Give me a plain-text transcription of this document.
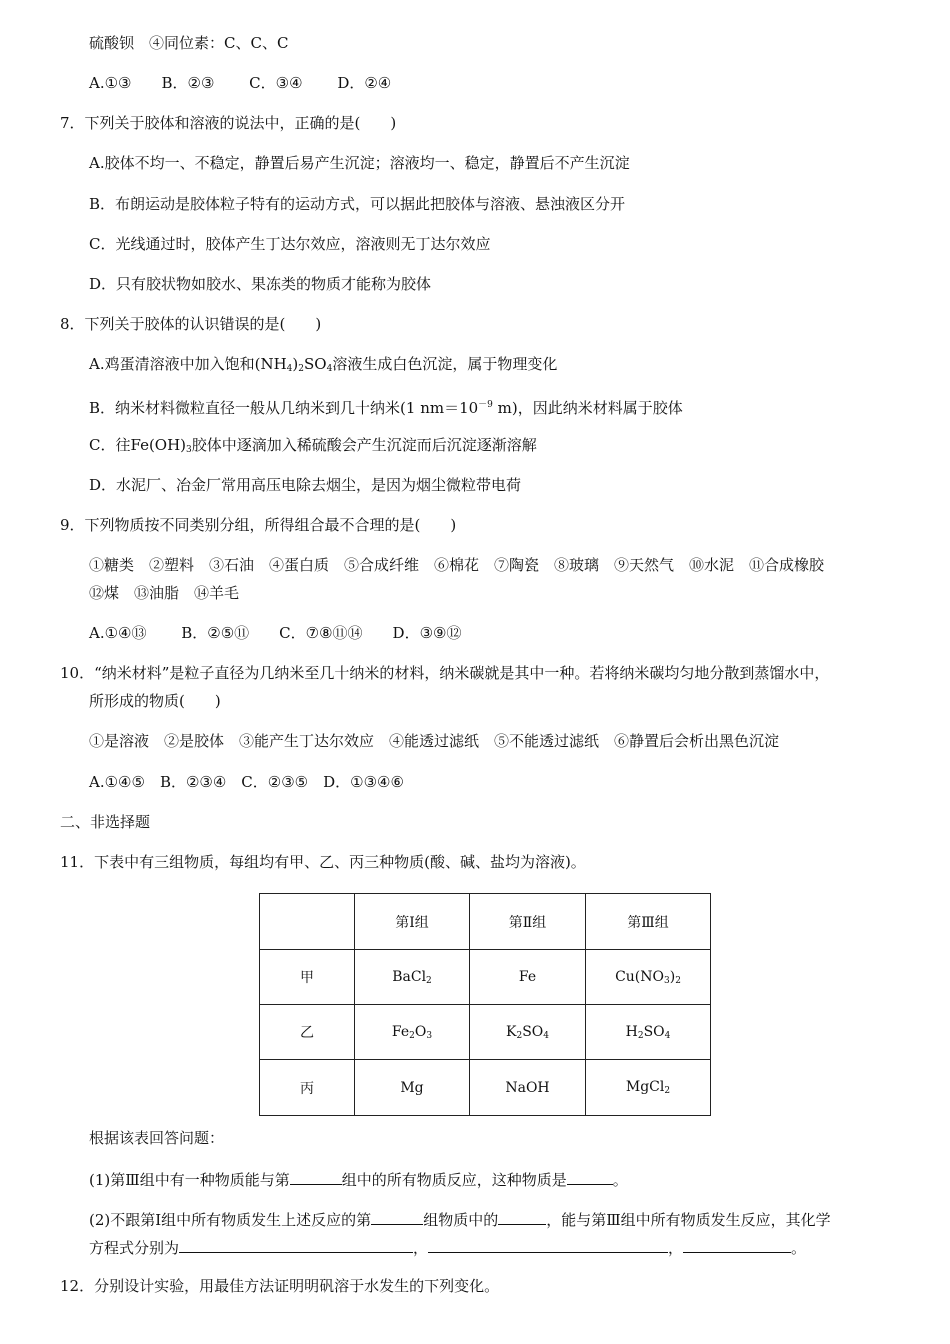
硫酸钡　④同位素：C、C、C
A.①③　　B．②③　　 C．③④　　 D．②④
7．下列关于胶体和溶液的说法中，正确的是(　　)
A.胶体不均一、不稳定，静置后易产生沉淀；溶液均一、稳定，静置后不产生沉淀
B．布朗运动是胶体粒子特有的运动方式，可以据此把胶体与溶液、悬浊液区分开
C．光线通过时，胶体产生丁达尔效应，溶液则无丁达尔效应
D．只有胶状物如胶水、果冻类的物质才能称为胶体
8．下列关于胶体的认识错误的是(　　)
A.鸡蛋清溶液中加入饱和$(NH_4)_2SO_4$溶液生成白色沉淀，属于物理变化
B．纳米材料微粒直径一般从几纳米到几十纳米(1 $nm=10^{-9}$ m)，因此纳米材料属于胶体
C．往$Fe(OH)_3$胶体中逐滴加入稀硫酸会产生沉淀而后沉淀逐渐溶解
D．水泥厂、冶金厂常用高压电除去烟尘，是因为烟尘微粒带电荷
9．下列物质按不同类别分组，所得组合最不合理的是(　　)
①糖类　②塑料　③石油　④蛋白质　⑤合成纤维　⑥棉花　⑦陶瓷　⑧玻璃　⑨天然气　⑩水泥　⑪合成橡胶
⑫煤　⑬油脂　⑭羊毛
A.①④⑬　　 B．②⑤⑪　　C．⑦⑧⑪⑭　　D．③⑨⑫
10．“纳米材料”是粒子直径为几纳米至几十纳米的材料，纳米碳就是其中一种。若将纳米碳均匀地分散到蒸馏水中，
所形成的物质(　　)
①是溶液　②是胶体　③能产生丁达尔效应　④能透过滤纸　⑤不能透过滤纸　⑥静置后会析出黑色沉淀
A.①④⑤　B．②③④　C．②③⑤　D．①③④⑥
二、非选择题
11．下表中有三组物质，每组均有甲、乙、丙三种物质(酸、碱、盐均为溶液)。
	第Ⅰ组	第Ⅱ组	第Ⅲ组
甲	BaCl$_2$	Fe	$Cu(NO_3)_2$
乙	$Fe_2O_3$	$K_2SO_4$	$H_2SO_4$
丙	Mg	NaOH	MgCl$_2$
根据该表回答问题：
(1)第Ⅲ组中有一种物质能与第	组中的所有物质反应，这种物质是	。
(2)不跟第Ⅰ组中所有物质发生上述反应的第	组物质中的	，能与第Ⅲ组中所有物质发生反应，其化学
方程式分别为	，	，	。
12．分别设计实验，用最佳方法证明明矾溶于水发生的下列变化。
